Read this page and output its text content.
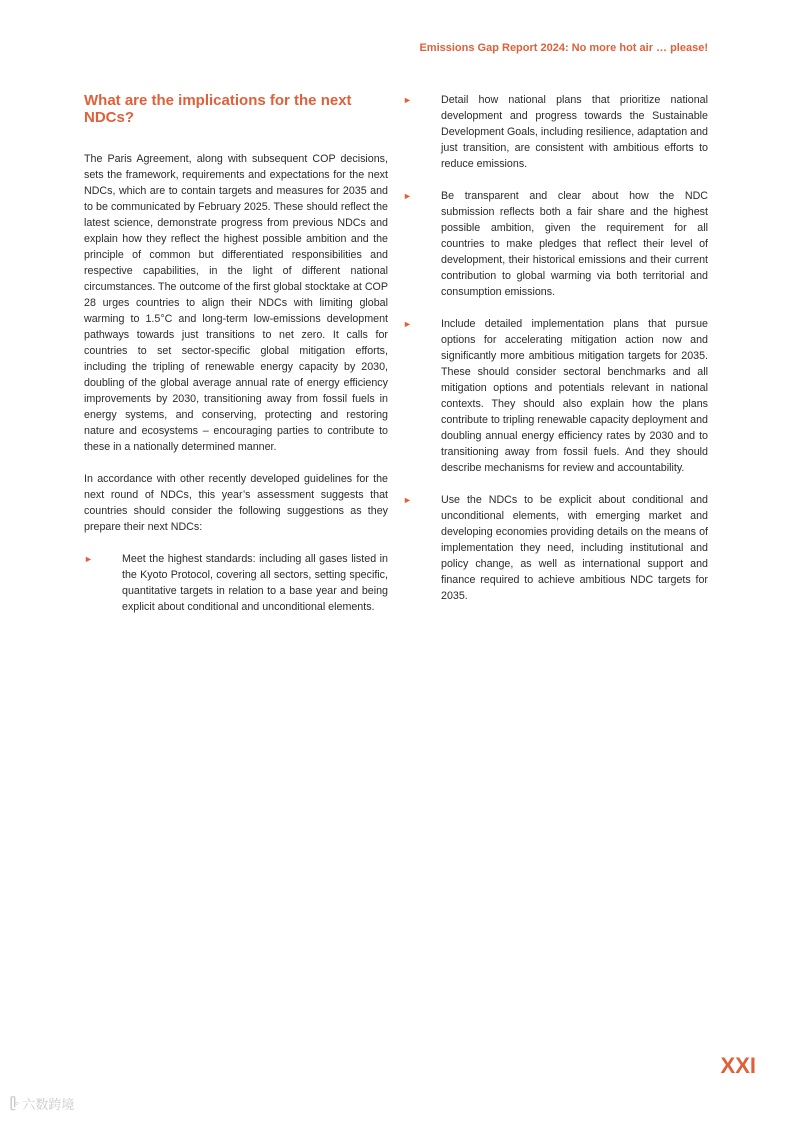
Emissions Gap Report 2024: No more hot air … please!
What are the implications for the next NDCs?

The Paris Agreement, along with subsequent COP decisions, sets the framework, requirements and expectations for the next NDCs, which are to contain targets and measures for 2035 and to be communicated by February 2025. These should reflect the latest science, demonstrate progress from previous NDCs and explain how they reflect the highest possible ambition and the principle of common but differentiated responsibilities and respective capabilities, in the light of different national circumstances. The outcome of the first global stocktake at COP 28 urges countries to align their NDCs with limiting global warming to 1.5°C and long-term low-emissions development pathways towards just transitions to net zero. It calls for countries to set sector-specific global mitigation efforts, including the tripling of renewable energy capacity by 2030, doubling of the global average annual rate of energy efficiency improvements by 2030, transitioning away from fossil fuels in energy systems, and conserving, protecting and restoring nature and ecosystems – encouraging parties to contribute to these in a nationally determined manner.

In accordance with other recently developed guidelines for the next round of NDCs, this year’s assessment suggests that countries should consider the following suggestions as they prepare their next NDCs:

►	Meet the highest standards: including all gases listed in the Kyoto Protocol, covering all sectors, setting specific, quantitative targets in relation to a base year and being explicit about conditional and unconditional elements.
►	Detail how national plans that prioritize national development and progress towards the Sustainable Development Goals, including resilience, adaptation and just transition, are consistent with ambitious efforts to reduce emissions.
►	Be transparent and clear about how the NDC submission reflects both a fair share and the highest possible ambition, given the requirement for all countries to make pledges that reflect their level of development, their historical emissions and their current contribution to global warming via both territorial and consumption emissions.
►	Include detailed implementation plans that pursue options for accelerating mitigation action now and significantly more ambitious mitigation targets for 2035. These should consider sectoral benchmarks and all mitigation options and potentials relevant in national contexts. They should also explain how the plans contribute to tripling renewable capacity deployment and doubling annual energy efficiency rates by 2030 and to transitioning away from fossil fuels. And they should describe mechanisms for review and accountability.
►	Use the NDCs to be explicit about conditional and unconditional elements, with emerging market and developing economies providing details on the means of implementation they need, including institutional and policy change, as well as international support and finance required to achieve ambitious NDC targets for 2035.
XXI
ᥫ◦ 六数跨境
